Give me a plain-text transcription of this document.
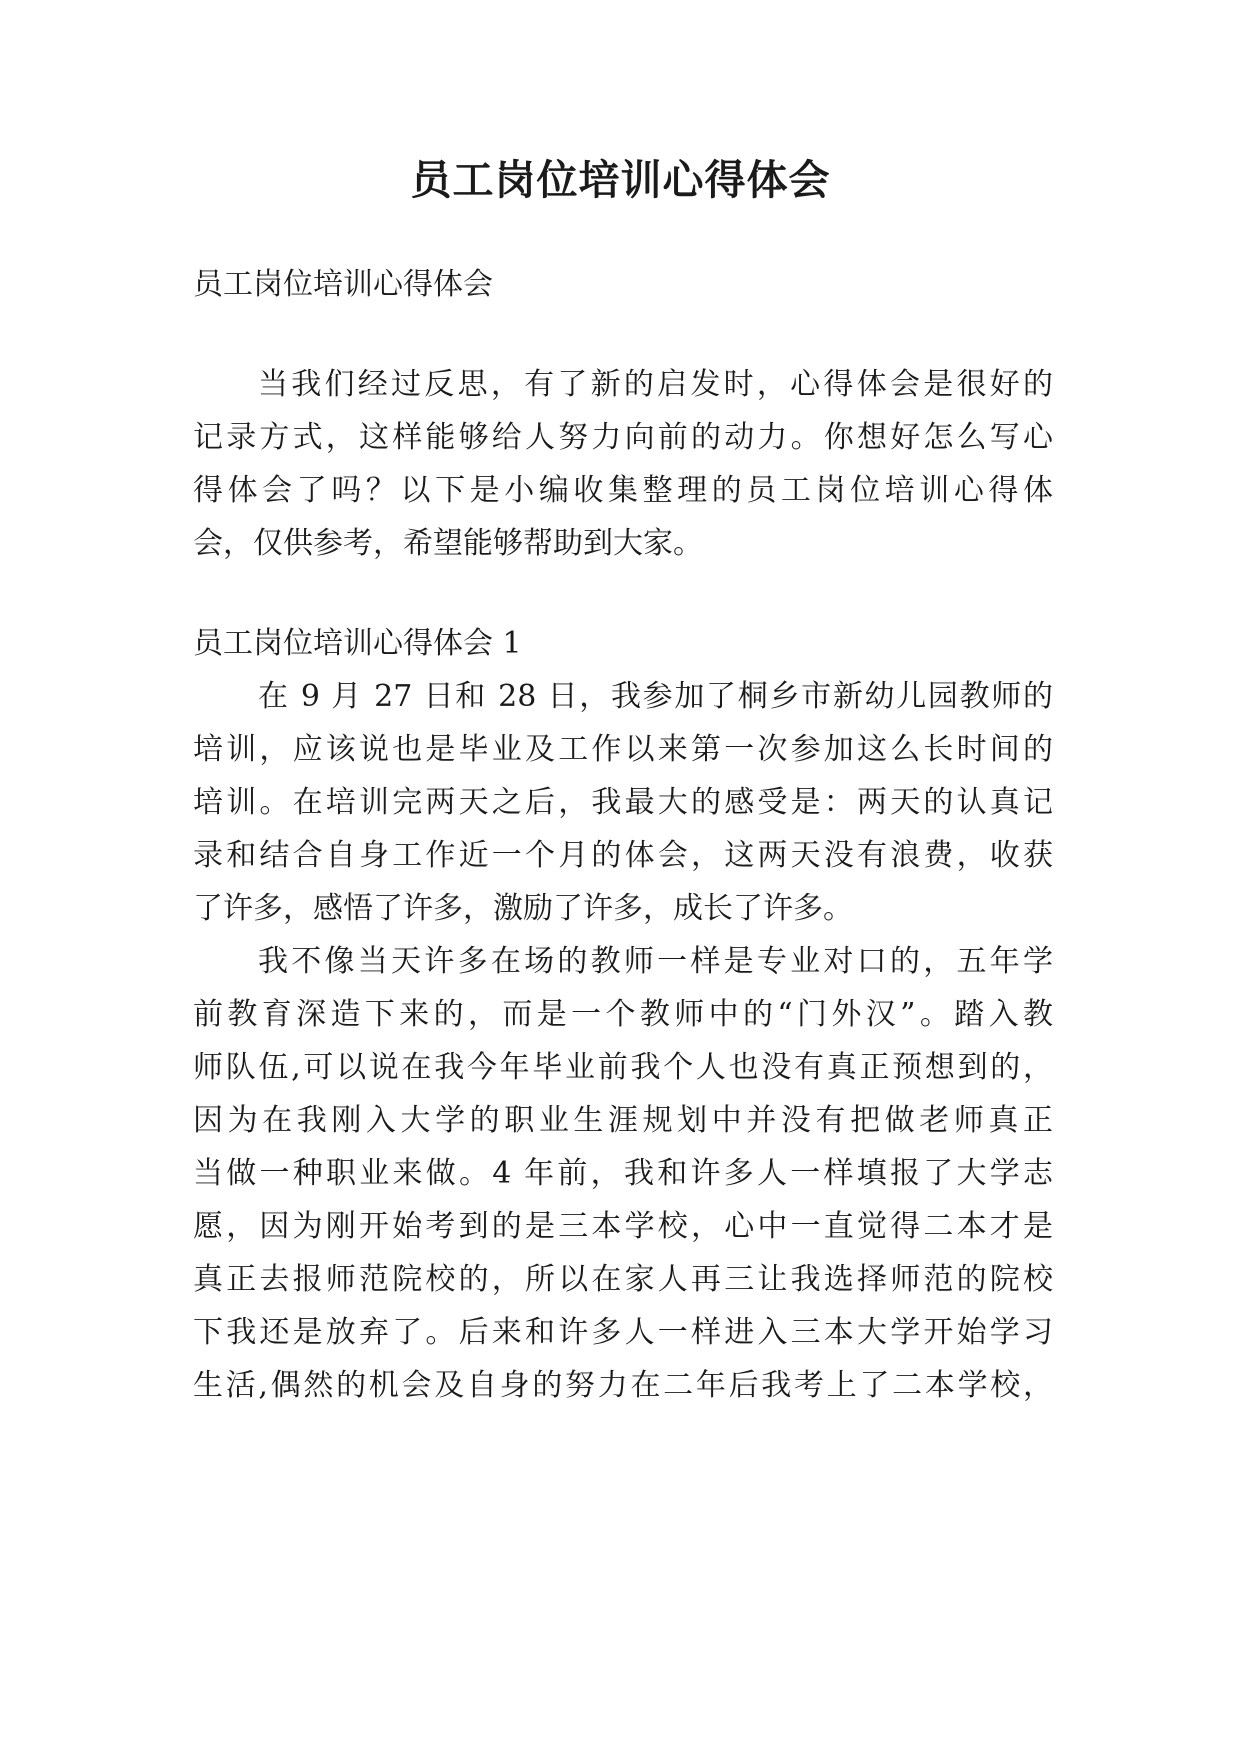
员工岗位培训心得体会

员工岗位培训心得体会

当我们经过反思，有了新的启发时，心得体会是很好的

记录方式，这样能够给人努力向前的动力。你想好怎么写心

得体会了吗？以下是小编收集整理的员工岗位培训心得体

会，仅供参考，希望能够帮助到大家。

员工岗位培训心得体会 1

在 9 月 27 日和 28 日，我参加了桐乡市新幼儿园教师的

培训，应该说也是毕业及工作以来第一次参加这么长时间的

培训。在培训完两天之后，我最大的感受是：两天的认真记

录和结合自身工作近一个月的体会，这两天没有浪费，收获

了许多，感悟了许多，激励了许多，成长了许多。

我不像当天许多在场的教师一样是专业对口的，五年学

前教育深造下来的，而是一个教师中的“门外汉”。踏入教

师队伍,可以说在我今年毕业前我个人也没有真正预想到的，

因为在我刚入大学的职业生涯规划中并没有把做老师真正

当做一种职业来做。4 年前，我和许多人一样填报了大学志

愿，因为刚开始考到的是三本学校，心中一直觉得二本才是

真正去报师范院校的，所以在家人再三让我选择师范的院校

下我还是放弃了。后来和许多人一样进入三本大学开始学习

生活,偶然的机会及自身的努力在二年后我考上了二本学校，
